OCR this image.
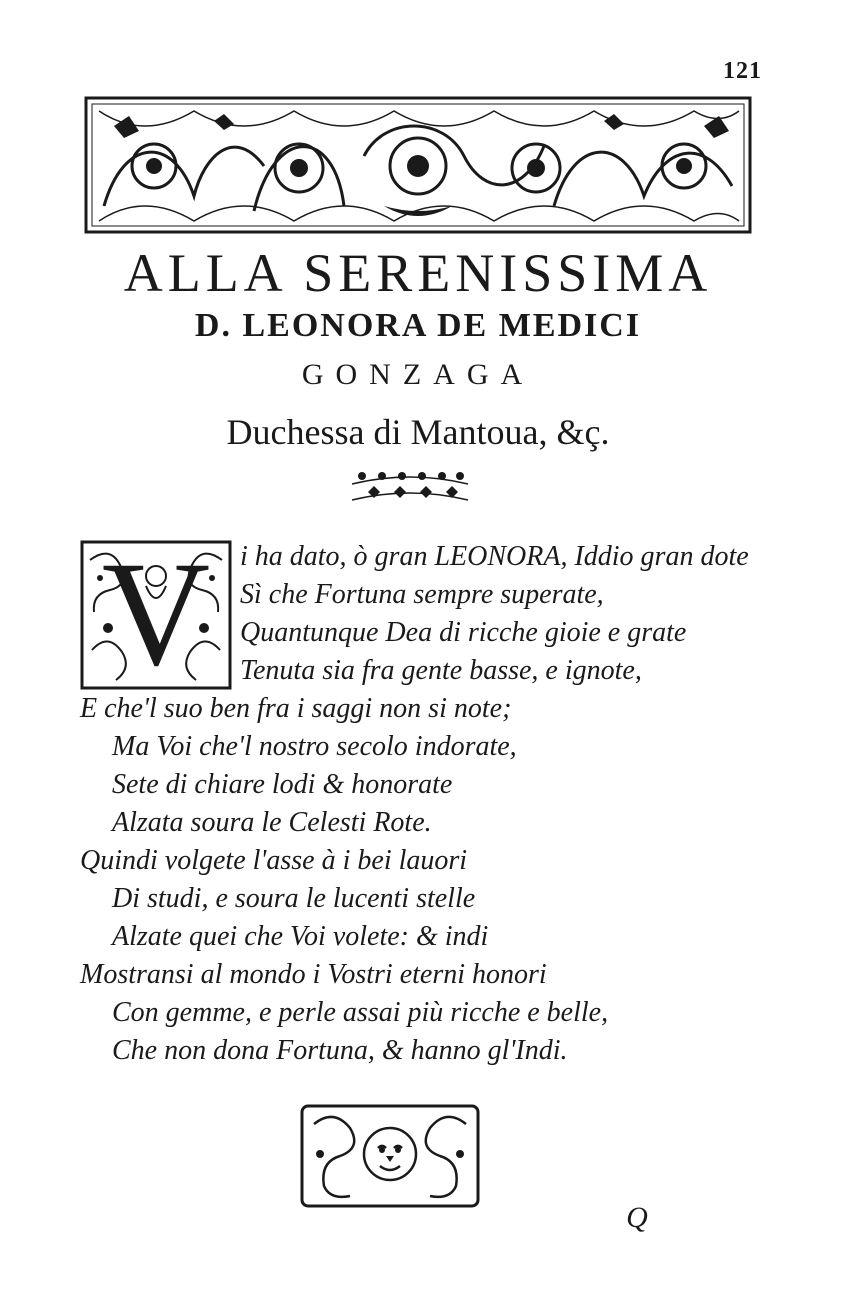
121
ALLA SERENISSIMA
D. LEONORA DE MEDICI
GONZAGA
Duchessa di Mantoua, &ç.
V i ha dato, ò gran LEONORA, Iddio gran dote
Sì che Fortuna sempre superate,
Quantunque Dea di ricche gioie e grate
Tenuta sia fra gente basse, e ignote,
E che'l suo ben fra i saggi non si note;
Ma Voi che'l nostro secolo indorate,
Sete di chiare lodi & honorate
Alzata soura le Celesti Rote.
Quindi volgete l'asse à i bei lauori
Di studi, e soura le lucenti stelle
Alzate quei che Voi volete: & indi
Mostransi al mondo i Vostri eterni honori
Con gemme, e perle assai più ricche e belle,
Che non dona Fortuna, & hanno gl'Indi.
Q
